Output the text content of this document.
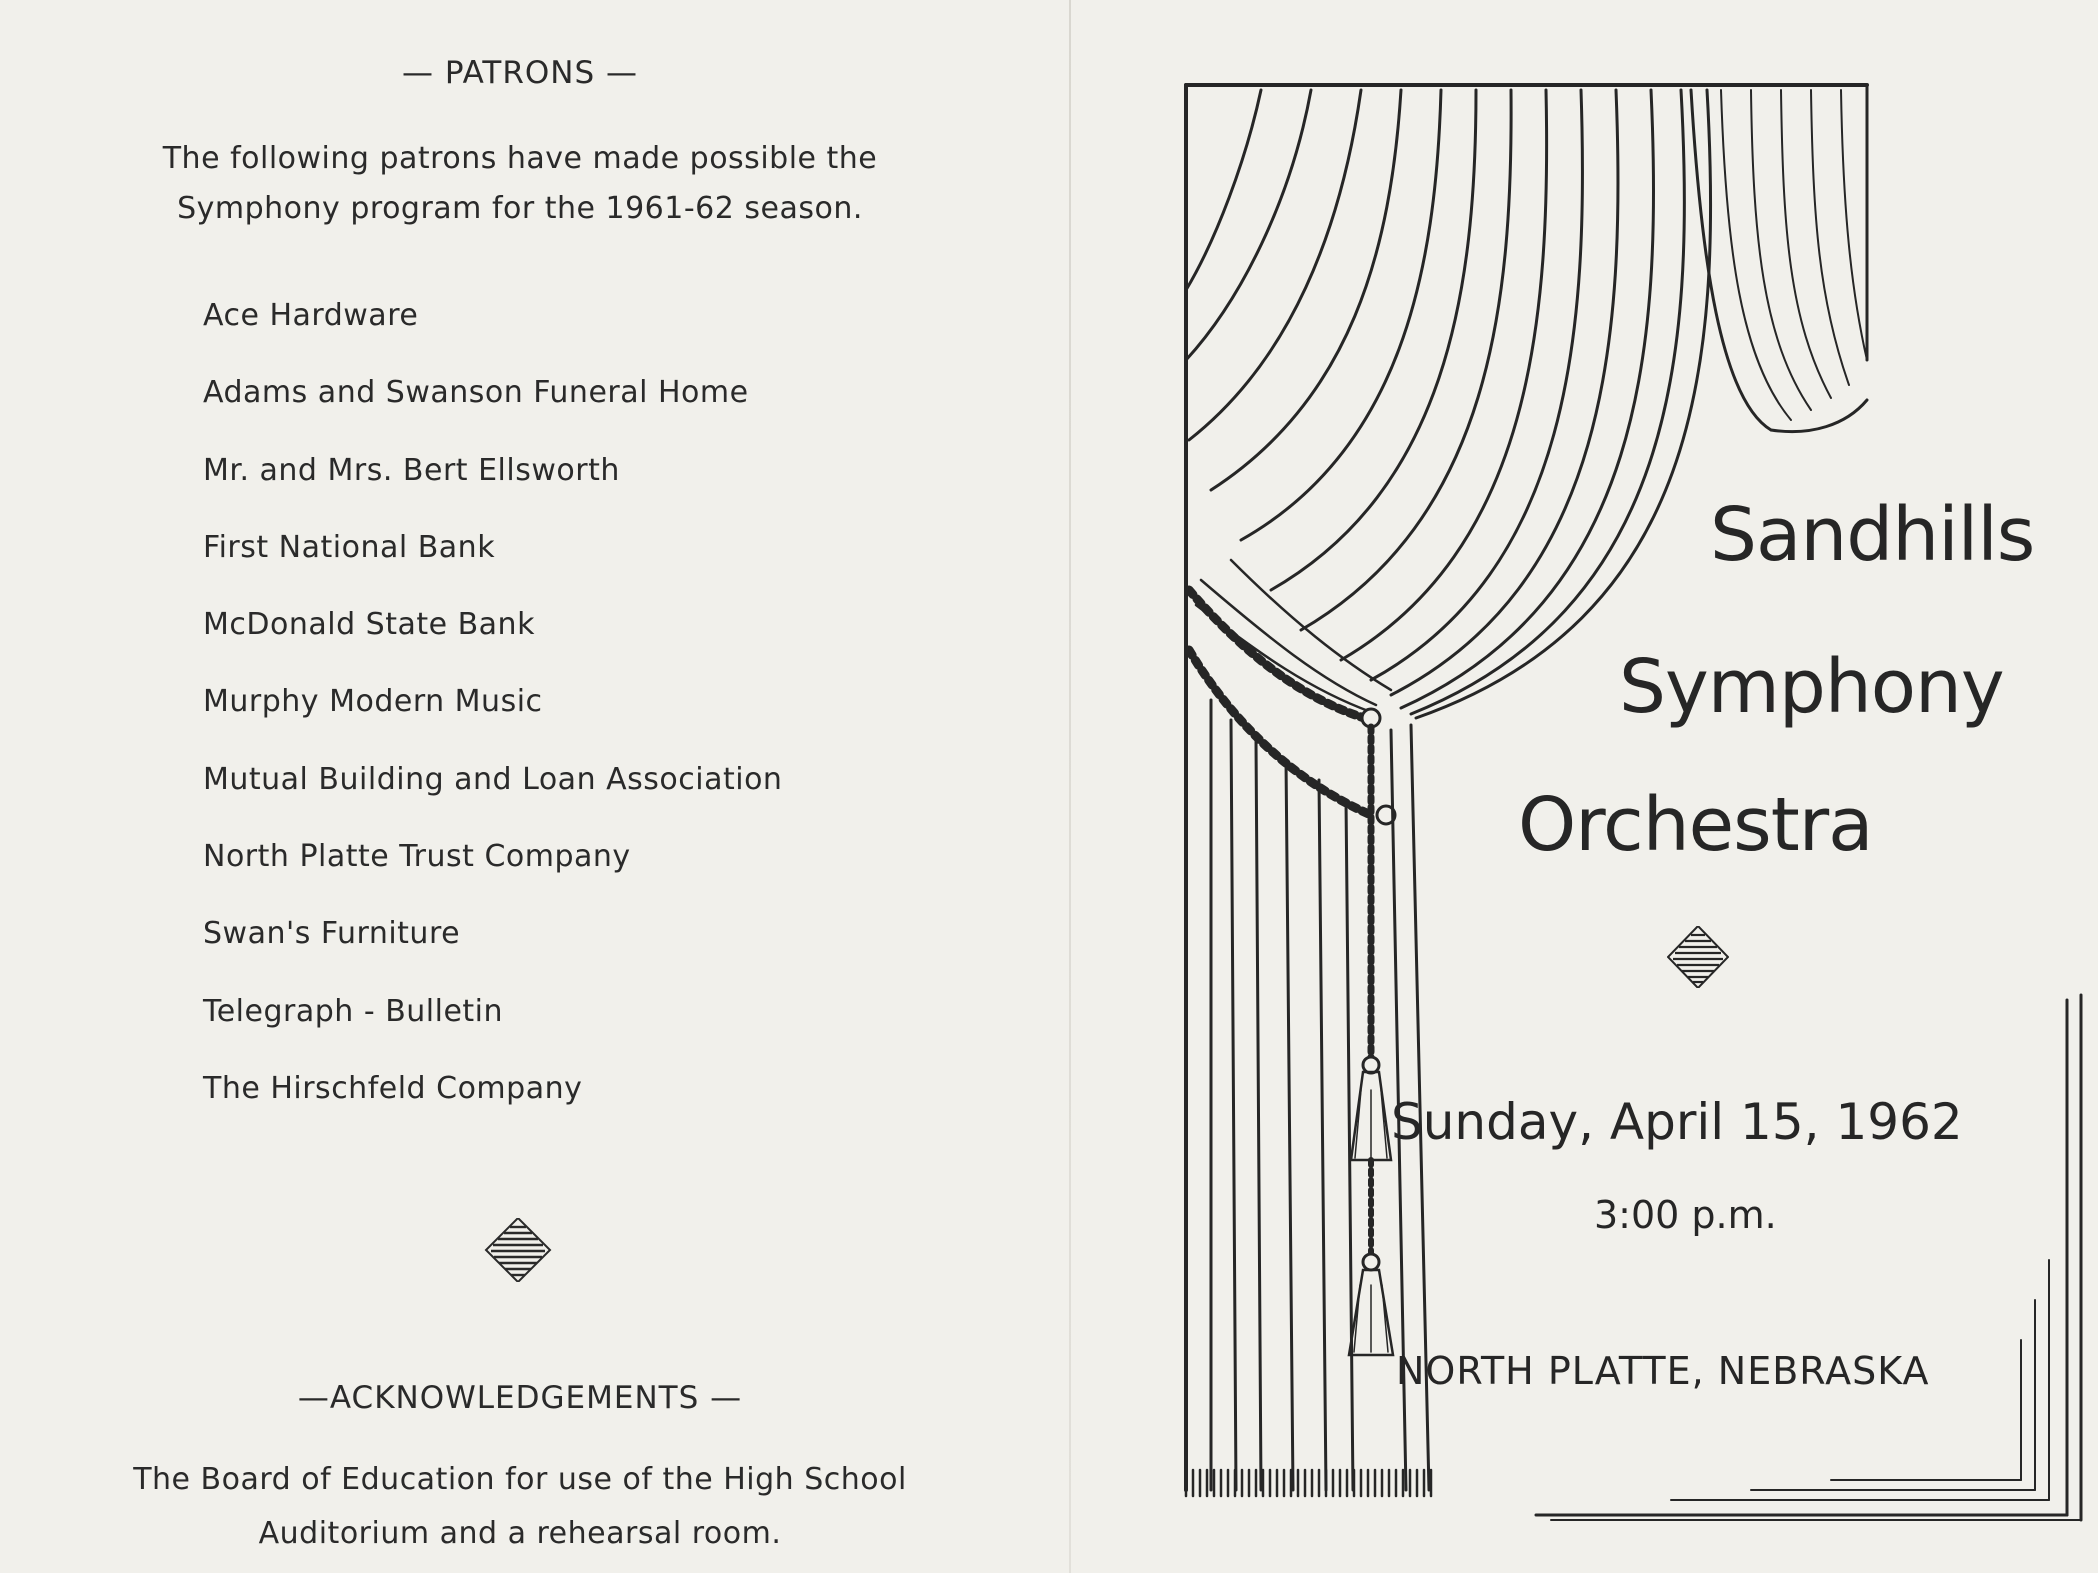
— PATRONS —
The following patrons have made possible the
Symphony program for the 1961-62 season.
Ace Hardware
Adams and Swanson Funeral Home
Mr. and Mrs. Bert Ellsworth
First National Bank
McDonald State Bank
Murphy Modern Music
Mutual Building and Loan Association
North Platte Trust Company
Swan's Furniture
Telegraph - Bulletin
The Hirschfeld Company
—ACKNOWLEDGEMENTS —
The Board of Education for use of the High School
Auditorium and a rehearsal room.
Sandhills
Symphony
Orchestra
Sunday, April 15, 1962
3:00 p.m.
NORTH PLATTE, NEBRASKA
